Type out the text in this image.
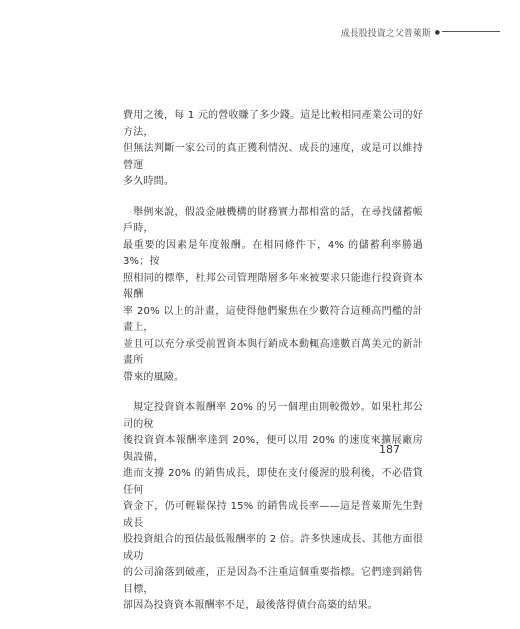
成長股投資之父普萊斯 ●

費用之後，每 1 元的營收賺了多少錢。這是比較相同產業公司的好方法，
但無法判斷一家公司的真正獲利情況、成長的速度，或是可以維持營運
多久時間。

舉例來說，假設金融機構的財務實力都相當的話，在尋找儲蓄帳戶時，
最重要的因素是年度報酬。在相同條件下，4% 的儲蓄利率勝過 3%；按
照相同的標準，杜邦公司管理階層多年來被要求只能進行投資資本報酬
率 20% 以上的計畫，這使得他們聚焦在少數符合這種高門檻的計畫上，
並且可以充分承受前置資本與行銷成本動輒高達數百萬美元的新計畫所
帶來的風險。

規定投資資本報酬率 20% 的另一個理由則較微妙。如果杜邦公司的稅
後投資資本報酬率達到 20%，便可以用 20% 的速度來擴展廠房與設備，
進而支撐 20% 的銷售成長，即使在支付優渥的股利後，不必借貸任何
資金下，仍可輕鬆保持 15% 的銷售成長率——這是普萊斯先生對成長
股投資組合的預估最低報酬率的 2 倍。許多快速成長、其他方面很成功
的公司淪落到破產，正是因為不注重這個重要指標。它們達到銷售目標，
卻因為投資資本報酬率不足，最後落得債台高築的結果。

187
